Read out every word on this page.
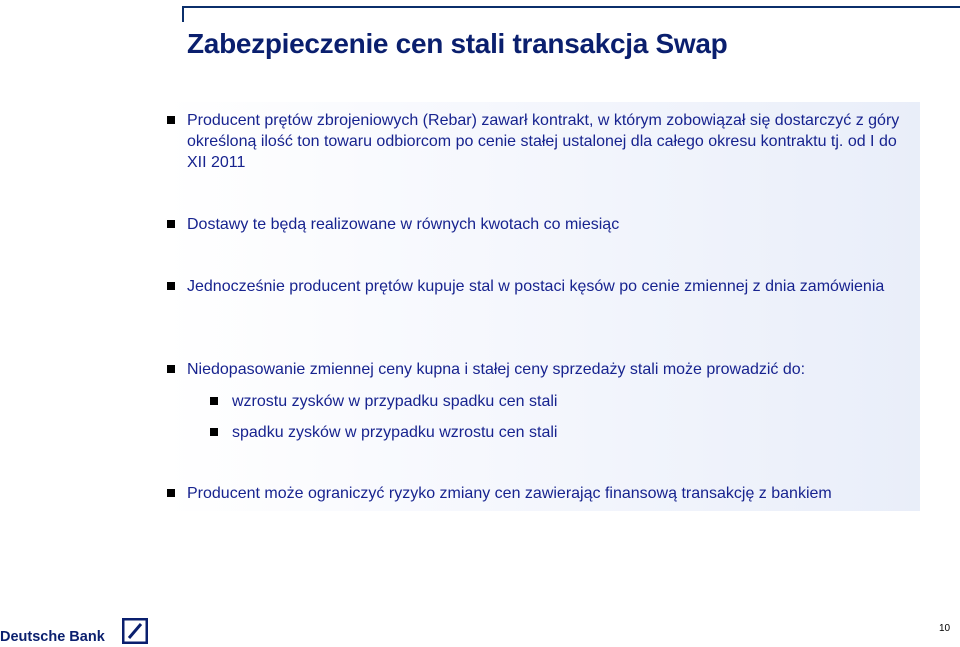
Zabezpieczenie cen stali transakcja Swap
Producent prętów zbrojeniowych (Rebar) zawarł kontrakt, w którym zobowiązał się dostarczyć z góry określoną ilość ton towaru odbiorcom po cenie stałej ustalonej dla całego okresu kontraktu tj. od I do XII 2011
Dostawy te będą realizowane w równych kwotach co miesiąc
Jednocześnie producent prętów kupuje stal w postaci kęsów po cenie zmiennej z dnia zamówienia
Niedopasowanie zmiennej ceny kupna i stałej ceny sprzedaży stali może prowadzić do:
wzrostu zysków w przypadku spadku cen stali
spadku zysków w przypadku wzrostu cen stali
Producent może ograniczyć ryzyko zmiany cen zawierając finansową transakcję z bankiem
Deutsche Bank
10
